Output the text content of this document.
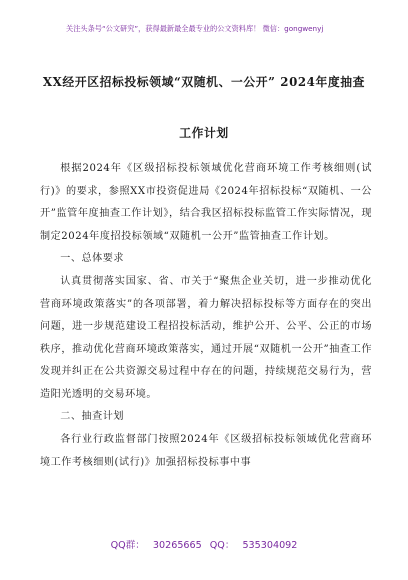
关注头条号“公文研究”，获得最新最全最专业的公文资料库！ 微信：gongwenyj
XX经开区招标投标领域“双随机、一公开” 2024年度抽查
工作计划

根据2024年《区级招标投标领域优化营商环境工作考核细则(试行)》的要求，参照XX市投资促进局《2024年招标投标“双随机、一公开”监管年度抽查工作计划》，结合我区招标投标监管工作实际情况，现制定2024年度招投标领域“双随机一公开”监管抽查工作计划。

一、总体要求

认真贯彻落实国家、省、市关于“聚焦企业关切，进一步推动优化营商环境政策落实”的各项部署，着力解决招标投标等方面存在的突出问题，进一步规范建设工程招投标活动，维护公开、公平、公正的市场秩序，推动优化营商环境政策落实，通过开展“双随机一公开”抽查工作发现并纠正在公共资源交易过程中存在的问题，持续规范交易行为，营造阳光透明的交易环境。

二、抽查计划

各行业行政监督部门按照2024年《区级招标投标领域优化营商环境工作考核细则(试行)》加强招标投标事中事

QQ群： 30265665 QQ： 535304092
